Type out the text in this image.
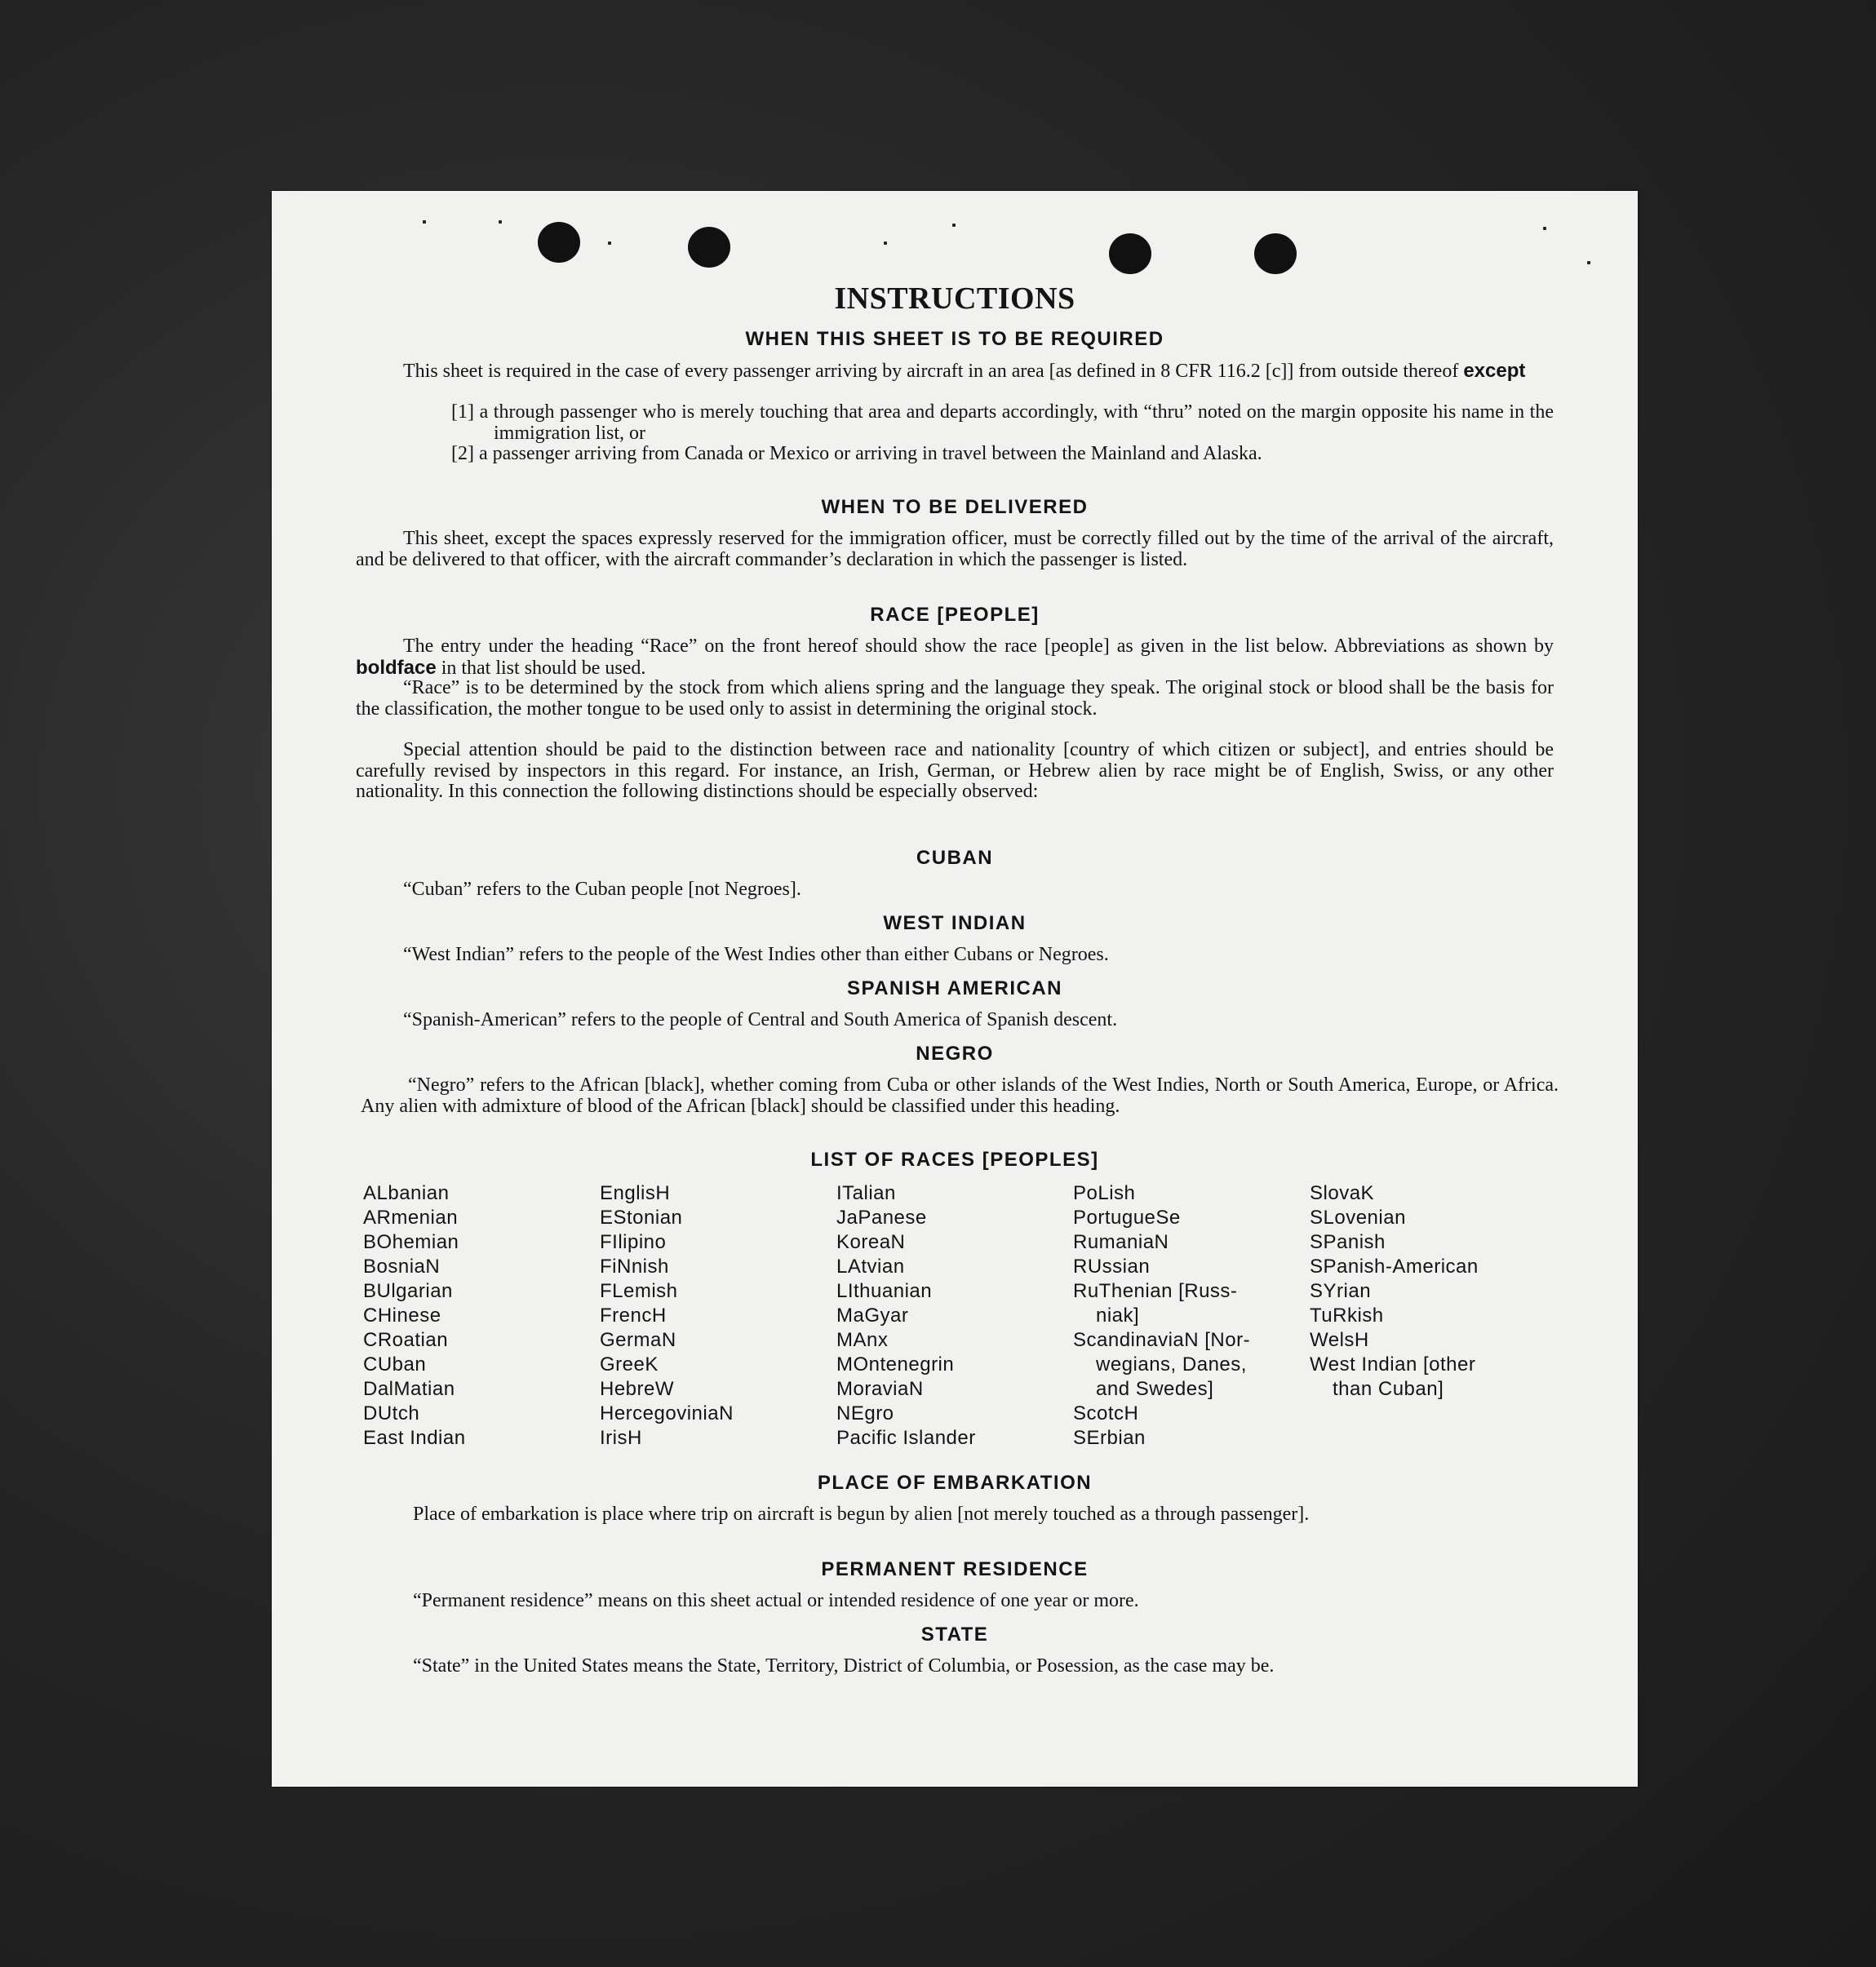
INSTRUCTIONS
WHEN THIS SHEET IS TO BE REQUIRED
This sheet is required in the case of every passenger arriving by aircraft in an area [as defined in 8 CFR 116.2 [c]] from outside thereof except
[1] a through passenger who is merely touching that area and departs accordingly, with “thru” noted on the margin opposite his name in the immigration list, or
[2] a passenger arriving from Canada or Mexico or arriving in travel between the Mainland and Alaska.
WHEN TO BE DELIVERED
This sheet, except the spaces expressly reserved for the immigration officer, must be correctly filled out by the time of the arrival of the aircraft, and be delivered to that officer, with the aircraft commander’s declaration in which the passenger is listed.
RACE [PEOPLE]
The entry under the heading “Race” on the front hereof should show the race [people] as given in the list below. Abbreviations as shown by boldface in that list should be used.
“Race” is to be determined by the stock from which aliens spring and the language they speak. The original stock or blood shall be the basis for the classification, the mother tongue to be used only to assist in determining the original stock.
Special attention should be paid to the distinction between race and nationality [country of which citizen or subject], and entries should be carefully revised by inspectors in this regard. For instance, an Irish, German, or Hebrew alien by race might be of English, Swiss, or any other nationality. In this connection the following distinctions should be especially observed:
CUBAN
“Cuban” refers to the Cuban people [not Negroes].
WEST INDIAN
“West Indian” refers to the people of the West Indies other than either Cubans or Negroes.
SPANISH AMERICAN
“Spanish-American” refers to the people of Central and South America of Spanish descent.
NEGRO
“Negro” refers to the African [black], whether coming from Cuba or other islands of the West Indies, North or South America, Europe, or Africa. Any alien with admixture of blood of the African [black] should be classified under this heading.
LIST OF RACES [PEOPLES]
ALbanian
ARmenian
BOhemian
BosniaN
BUlgarian
CHinese
CRoatian
CUban
DalMatian
DUtch
East Indian
EnglisH
EStonian
FIlipino
FiNnish
FLemish
FrencH
GermaN
GreeK
HebreW
HercegoviniaN
IrisH
ITalian
JaPanese
KoreaN
LAtvian
LIthuanian
MaGyar
MAnx
MOntenegrin
MoraviaN
NEgro
Pacific Islander
PoLish
PortugueSe
RumaniaN
RUssian
RuThenian [Russ-
niak]
ScandinaviaN [Nor-
wegians, Danes,
and Swedes]
ScotcH
SErbian
SlovaK
SLovenian
SPanish
SPanish-American
SYrian
TuRkish
WelsH
West Indian [other
than Cuban]
PLACE OF EMBARKATION
Place of embarkation is place where trip on aircraft is begun by alien [not merely touched as a through passenger].
PERMANENT RESIDENCE
“Permanent residence” means on this sheet actual or intended residence of one year or more.
STATE
“State” in the United States means the State, Territory, District of Columbia, or Posession, as the case may be.
